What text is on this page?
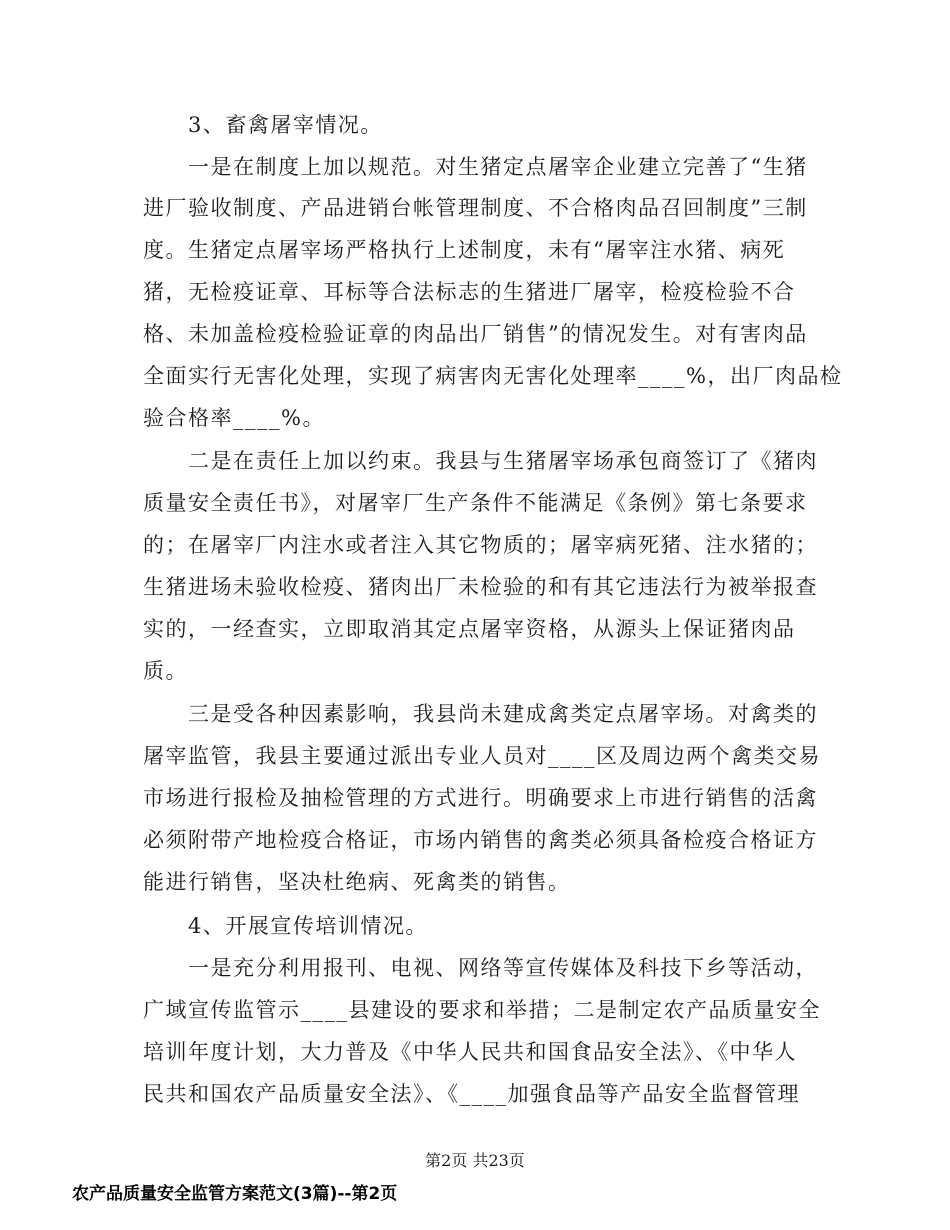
3、畜禽屠宰情况。
一是在制度上加以规范。对生猪定点屠宰企业建立完善了“生猪
进厂验收制度、产品进销台帐管理制度、不合格肉品召回制度”三制
度。生猪定点屠宰场严格执行上述制度，未有“屠宰注水猪、病死
猪，无检疫证章、耳标等合法标志的生猪进厂屠宰，检疫检验不合
格、未加盖检疫检验证章的肉品出厂销售”的情况发生。对有害肉品
全面实行无害化处理，实现了病害肉无害化处理率____%，出厂肉品检
验合格率____%。
二是在责任上加以约束。我县与生猪屠宰场承包商签订了《猪肉
质量安全责任书》，对屠宰厂生产条件不能满足《条例》第七条要求
的；在屠宰厂内注水或者注入其它物质的；屠宰病死猪、注水猪的；
生猪进场未验收检疫、猪肉出厂未检验的和有其它违法行为被举报查
实的，一经查实，立即取消其定点屠宰资格，从源头上保证猪肉品
质。
三是受各种因素影响，我县尚未建成禽类定点屠宰场。对禽类的
屠宰监管，我县主要通过派出专业人员对____区及周边两个禽类交易
市场进行报检及抽检管理的方式进行。明确要求上市进行销售的活禽
必须附带产地检疫合格证，市场内销售的禽类必须具备检疫合格证方
能进行销售，坚决杜绝病、死禽类的销售。
4、开展宣传培训情况。
一是充分利用报刊、电视、网络等宣传媒体及科技下乡等活动，
广域宣传监管示____县建设的要求和举措；二是制定农产品质量安全
培训年度计划，大力普及《中华人民共和国食品安全法》、《中华人
民共和国农产品质量安全法》、《____加强食品等产品安全监督管理
第2页 共23页
农产品质量安全监管方案范文(3篇)--第2页
